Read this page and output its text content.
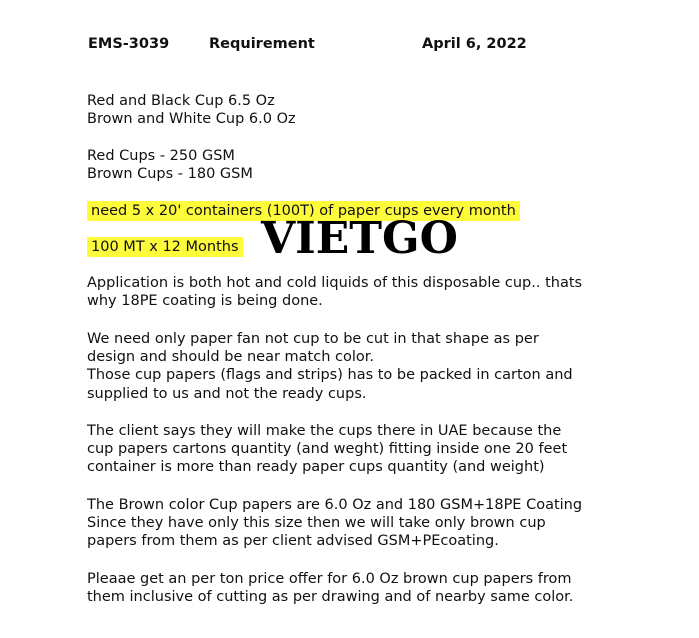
EMS-3039	Requirement	April 6, 2022
Red and Black Cup 6.5 Oz
Brown and White Cup 6.0 Oz
Red Cups - 250 GSM
Brown Cups - 180 GSM
need 5 x 20' containers (100T) of paper cups every month
100 MT x 12 Months VIETGO
Application is both hot and cold liquids of this disposable cup.. thats
why 18PE coating is being done.
We need only paper fan not cup to be cut in that shape as per
design and should be near match color.
Those cup papers (flags and strips) has to be packed in carton and
supplied to us and not the ready cups.
The client says they will make the cups there in UAE because the
cup papers cartons quantity (and weght) fitting inside one 20 feet
container is more than ready paper cups quantity (and weight)
The Brown color Cup papers are 6.0 Oz and 180 GSM+18PE Coating
Since they have only this size then we will take only brown cup
papers from them as per client advised GSM+PEcoating.
Pleaae get an per ton price offer for 6.0 Oz brown cup papers from
them inclusive of cutting as per drawing and of nearby same color.
